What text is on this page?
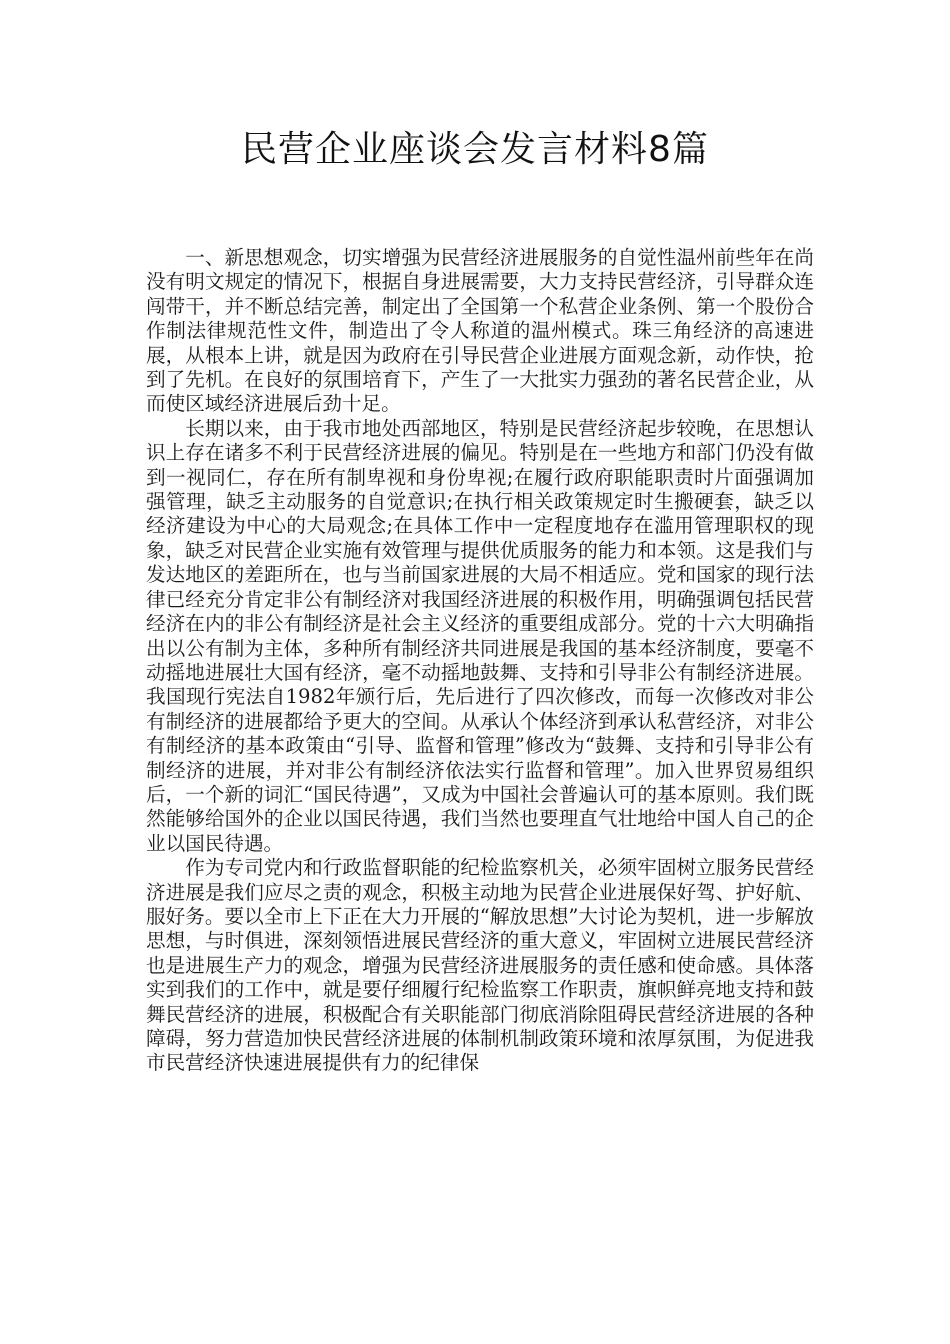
民营企业座谈会发言材料8篇

一、新思想观念，切实增强为民营经济进展服务的自觉性温州前些年在尚没有明文规定的情况下，根据自身进展需要，大力支持民营经济，引导群众连闯带干，并不断总结完善，制定出了全国第一个私营企业条例、第一个股份合作制法律规范性文件，制造出了令人称道的温州模式。珠三角经济的高速进展，从根本上讲，就是因为政府在引导民营企业进展方面观念新，动作快，抢到了先机。在良好的氛围培育下，产生了一大批实力强劲的著名民营企业，从而使区域经济进展后劲十足。

长期以来，由于我市地处西部地区，特别是民营经济起步较晚，在思想认识上存在诸多不利于民营经济进展的偏见。特别是在一些地方和部门仍没有做到一视同仁，存在所有制卑视和身份卑视;在履行政府职能职责时片面强调加强管理，缺乏主动服务的自觉意识;在执行相关政策规定时生搬硬套，缺乏以经济建设为中心的大局观念;在具体工作中一定程度地存在滥用管理职权的现象，缺乏对民营企业实施有效管理与提供优质服务的能力和本领。这是我们与发达地区的差距所在，也与当前国家进展的大局不相适应。党和国家的现行法律已经充分肯定非公有制经济对我国经济进展的积极作用，明确强调包括民营经济在内的非公有制经济是社会主义经济的重要组成部分。党的十六大明确指出以公有制为主体，多种所有制经济共同进展是我国的基本经济制度，要毫不动摇地进展壮大国有经济，毫不动摇地鼓舞、支持和引导非公有制经济进展。我国现行宪法自1982年颁行后，先后进行了四次修改，而每一次修改对非公有制经济的进展都给予更大的空间。从承认个体经济到承认私营经济，对非公有制经济的基本政策由“引导、监督和管理”修改为“鼓舞、支持和引导非公有制经济的进展，并对非公有制经济依法实行监督和管理”。加入世界贸易组织后，一个新的词汇“国民待遇”，又成为中国社会普遍认可的基本原则。我们既然能够给国外的企业以国民待遇，我们当然也要理直气壮地给中国人自己的企业以国民待遇。

作为专司党内和行政监督职能的纪检监察机关，必须牢固树立服务民营经济进展是我们应尽之责的观念，积极主动地为民营企业进展保好驾、护好航、服好务。要以全市上下正在大力开展的“解放思想”大讨论为契机，进一步解放思想，与时俱进，深刻领悟进展民营经济的重大意义，牢固树立进展民营经济也是进展生产力的观念，增强为民营经济进展服务的责任感和使命感。具体落实到我们的工作中，就是要仔细履行纪检监察工作职责，旗帜鲜亮地支持和鼓舞民营经济的进展，积极配合有关职能部门彻底消除阻碍民营经济进展的各种障碍，努力营造加快民营经济进展的体制机制政策环境和浓厚氛围，为促进我市民营经济快速进展提供有力的纪律保
